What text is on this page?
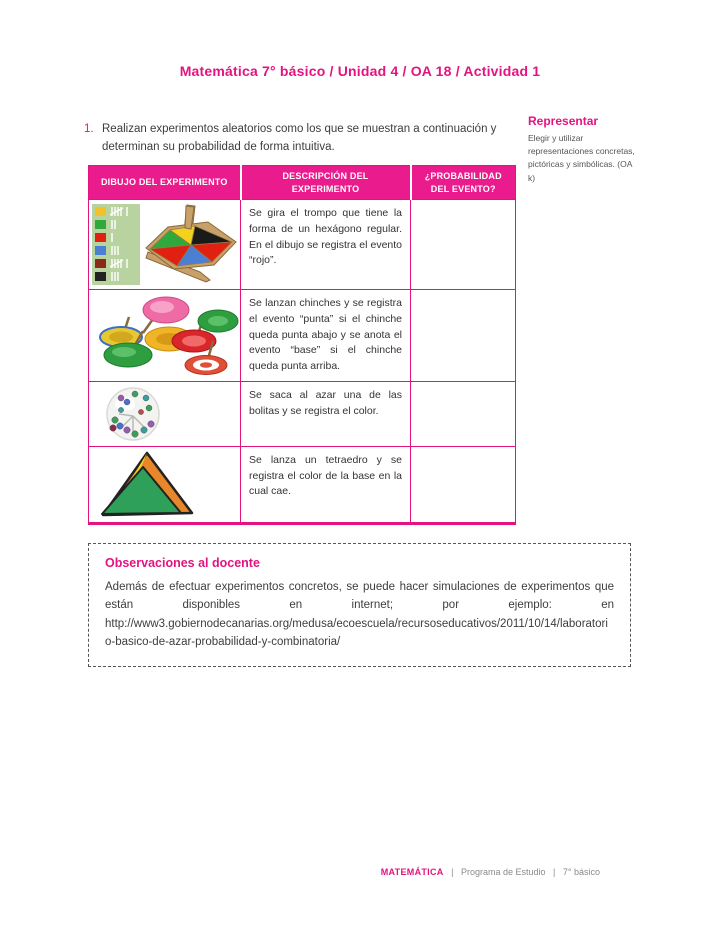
Matemática 7° básico / Unidad 4 / OA 18 / Actividad 1
1. Realizan experimentos aleatorios como los que se muestran a continuación y determinan su probabilidad de forma intuitiva.
Representar
Elegir y utilizar representaciones concretas, pictóricas y simbólicas. (OA k)
DIBUJO DEL EXPERIMENTO	DESCRIPCIÓN DEL EXPERIMENTO	¿PROBABILIDAD DEL EVENTO?

	Se gira el trompo que tiene la forma de un hexágono regular. En el dibujo se registra el evento “rojo”.	

	Se lanzan chinches y se registra el evento “punta” si el chinche queda punta abajo y se anota el evento “base” si el chinche queda punta arriba.	

	Se saca al azar una de las bolitas y se registra el color.	

	Se lanza un tetraedro y se registra el color de la base en la cual cae.	
Observaciones al docente
Además de efectuar experimentos concretos, se puede hacer simulaciones de experimentos que están disponibles en internet; por ejemplo: en http://www3.gobiernodecanarias.org/medusa/ecoescuela/recursoseducativos/2011/10/14/laboratorio-basico-de-azar-probabilidad-y-combinatoria/
MATEMÁTICA | Programa de Estudio | 7° básico
